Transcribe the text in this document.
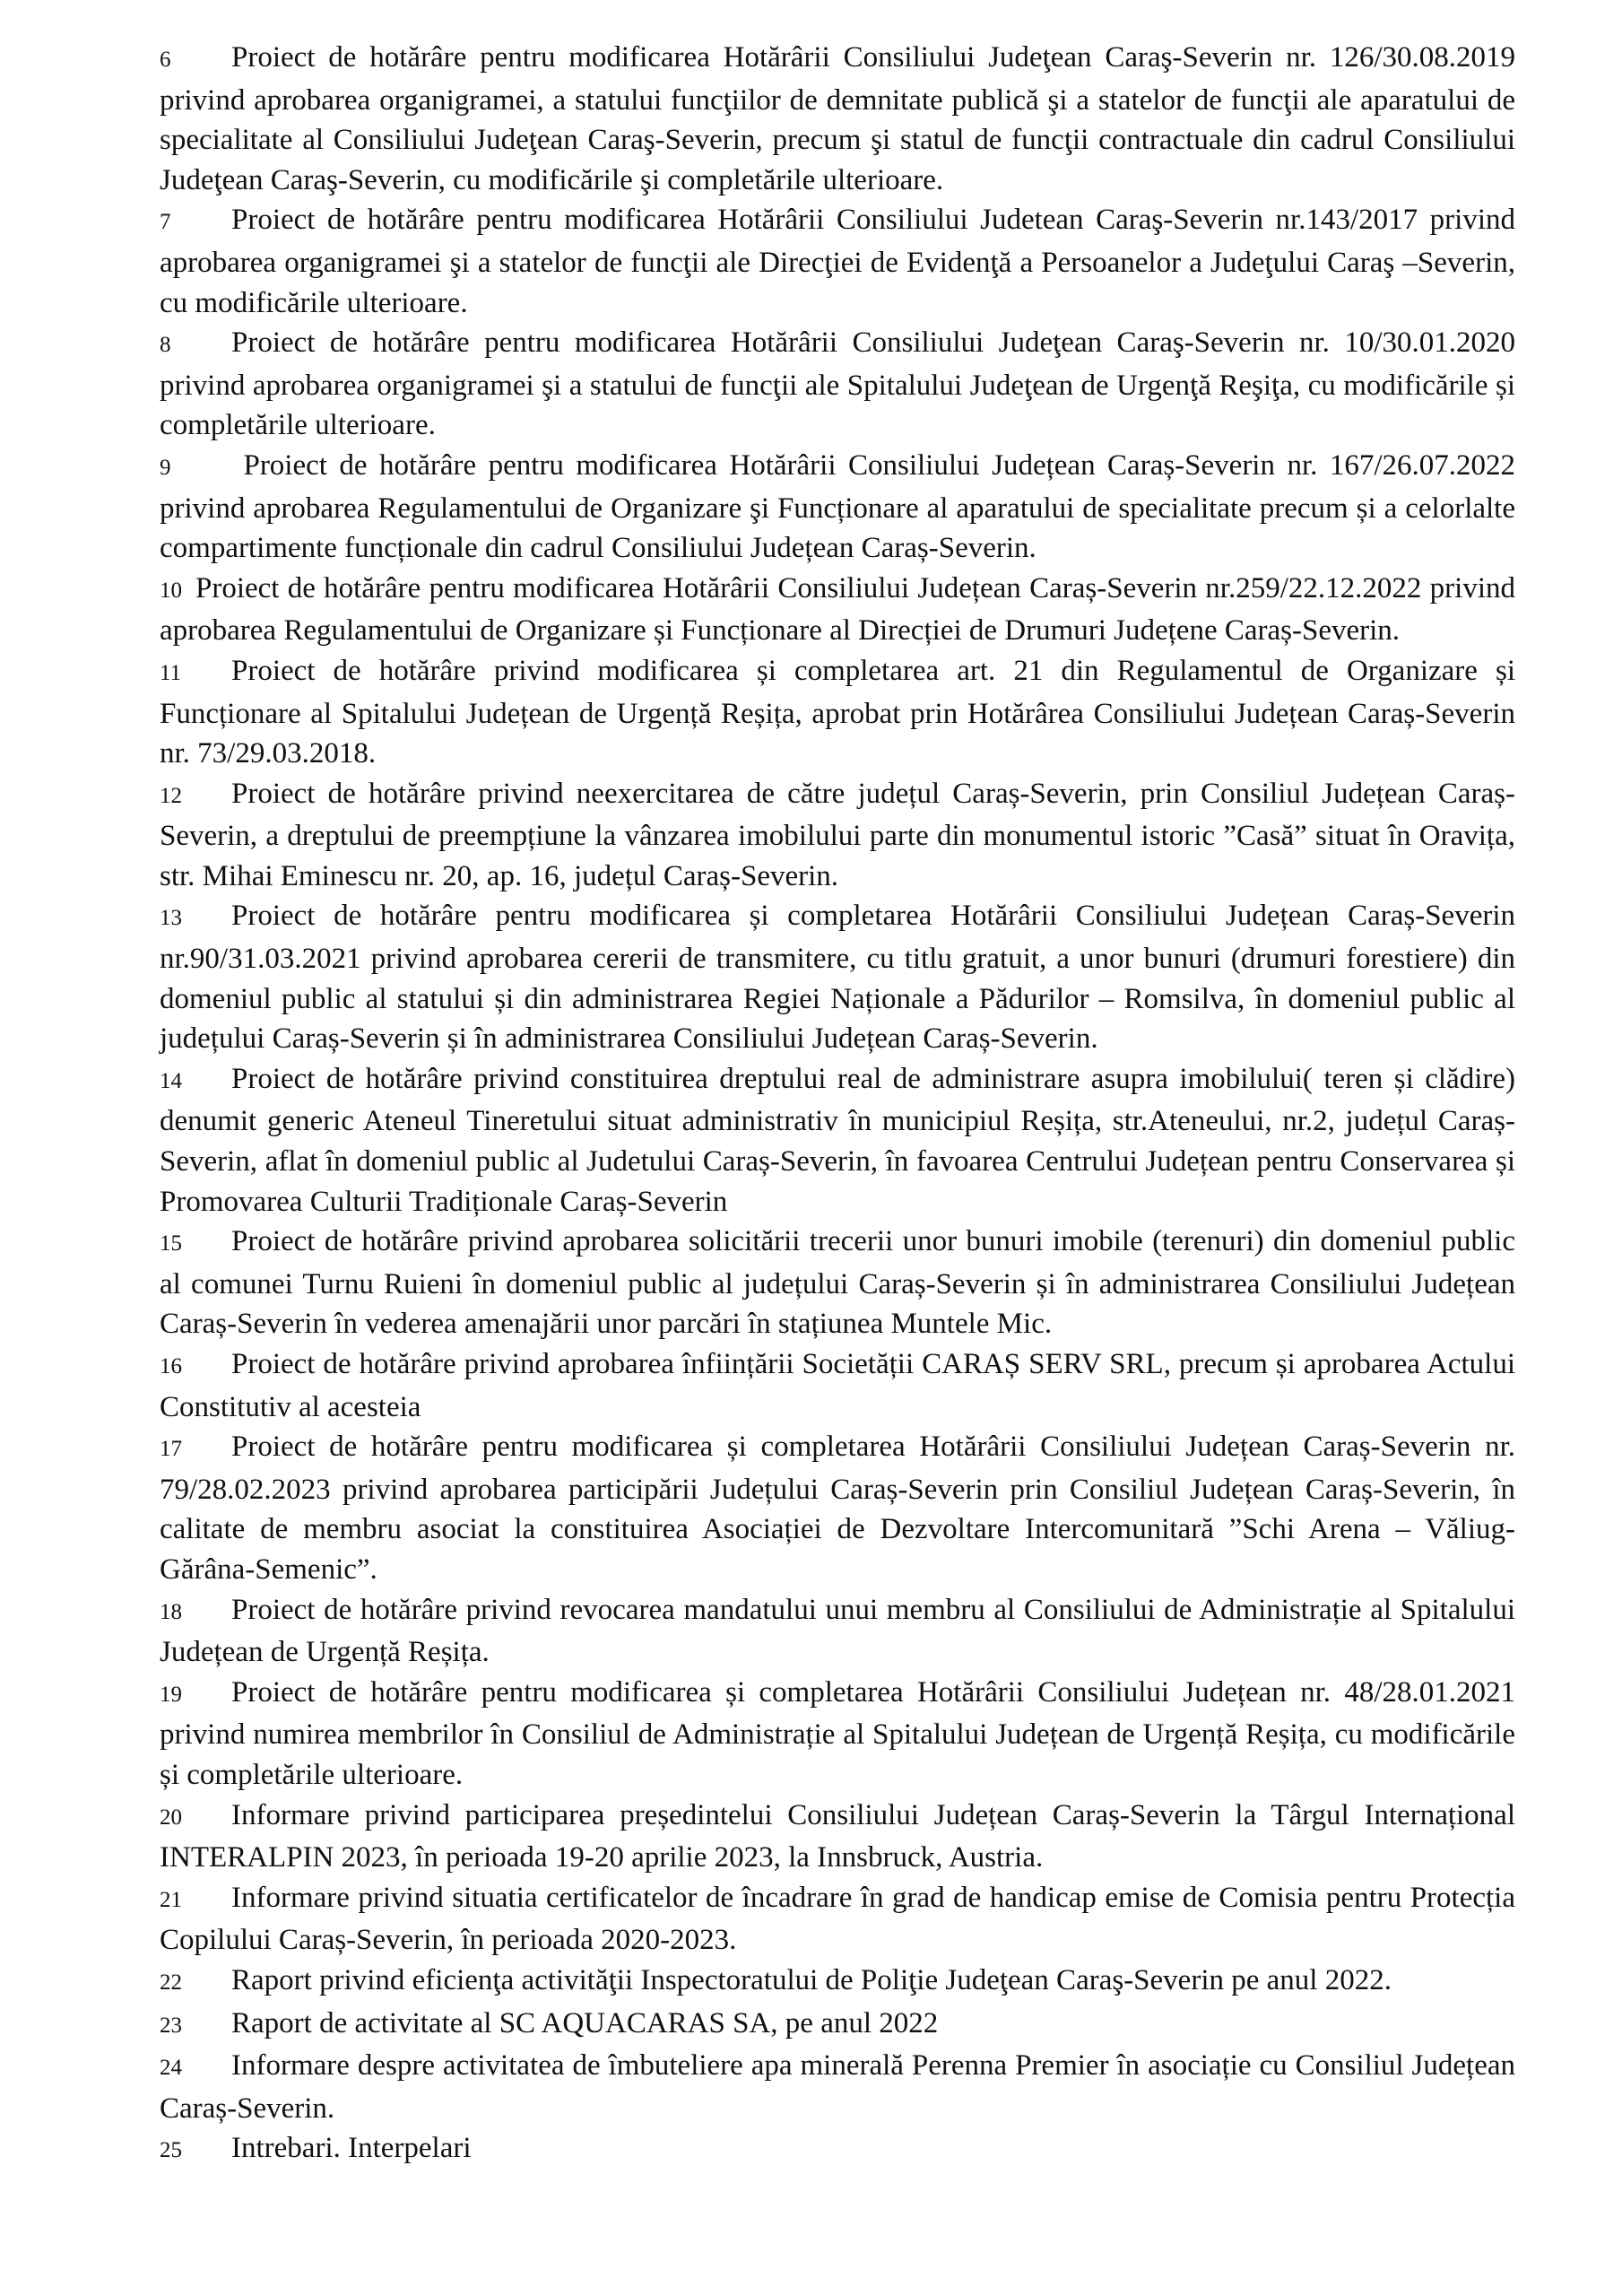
6 Proiect de hotărâre pentru modificarea Hotărârii Consiliului Judeţean Caraş-Severin nr. 126/30.08.2019 privind aprobarea organigramei, a statului funcţiilor de demnitate publică şi a statelor de funcţii ale aparatului de specialitate al Consiliului Judeţean Caraş-Severin, precum şi statul de funcţii contractuale din cadrul Consiliului Judeţean Caraş-Severin, cu modificările şi completările ulterioare.

7 Proiect de hotărâre pentru modificarea Hotărârii Consiliului Judetean Caraş-Severin nr.143/2017 privind aprobarea organigramei şi a statelor de funcţii ale Direcţiei de Evidenţă a Persoanelor a Judeţului Caraş –Severin, cu modificările ulterioare.

8 Proiect de hotărâre pentru modificarea Hotărârii Consiliului Judeţean Caraş-Severin nr. 10/30.01.2020 privind aprobarea organigramei şi a statului de funcţii ale Spitalului Judeţean de Urgenţă Reşiţa, cu modificările și completările ulterioare.

9 Proiect de hotărâre pentru modificarea Hotărârii Consiliului Județean Caraș-Severin nr. 167/26.07.2022 privind aprobarea Regulamentului de Organizare şi Funcționare al aparatului de specialitate precum și a celorlalte compartimente funcționale din cadrul Consiliului Județean Caraș-Severin.

10 Proiect de hotărâre pentru modificarea Hotărârii Consiliului Județean Caraș-Severin nr.259/22.12.2022 privind aprobarea Regulamentului de Organizare și Funcționare al Direcției de Drumuri Județene Caraș-Severin.

11 Proiect de hotărâre privind modificarea și completarea art. 21 din Regulamentul de Organizare și Funcționare al Spitalului Județean de Urgență Reșița, aprobat prin Hotărârea Consiliului Județean Caraș-Severin nr. 73/29.03.2018.

12 Proiect de hotărâre privind neexercitarea de către județul Caraș-Severin, prin Consiliul Județean Caraș-Severin, a dreptului de preempțiune la vânzarea imobilului parte din monumentul istoric ”Casă” situat în Oravița, str. Mihai Eminescu nr. 20, ap. 16, județul Caraș-Severin.

13 Proiect de hotărâre pentru modificarea și completarea Hotărârii Consiliului Județean Caraș-Severin nr.90/31.03.2021 privind aprobarea cererii de transmitere, cu titlu gratuit, a unor bunuri (drumuri forestiere) din domeniul public al statului și din administrarea Regiei Naționale a Pădurilor – Romsilva, în domeniul public al județului Caraș-Severin și în administrarea Consiliului Județean Caraș-Severin.

14 Proiect de hotărâre privind constituirea dreptului real de administrare asupra imobilului( teren și clădire) denumit generic Ateneul Tineretului situat administrativ în municipiul Reșița, str.Ateneului, nr.2, județul Caraș-Severin, aflat în domeniul public al Judetului Caraș-Severin, în favoarea Centrului Județean pentru Conservarea și Promovarea Culturii Tradiționale Caraș-Severin

15 Proiect de hotărâre privind aprobarea solicitării trecerii unor bunuri imobile (terenuri) din domeniul public al comunei Turnu Ruieni în domeniul public al județului Caraș-Severin și în administrarea Consiliului Județean Caraș-Severin în vederea amenajării unor parcări în stațiunea Muntele Mic.

16 Proiect de hotărâre privind aprobarea înființării Societății CARAȘ SERV SRL, precum și aprobarea Actului Constitutiv al acesteia

17 Proiect de hotărâre pentru modificarea și completarea Hotărârii Consiliului Județean Caraș-Severin nr. 79/28.02.2023 privind aprobarea participării Județului Caraș-Severin prin Consiliul Județean Caraș-Severin, în calitate de membru asociat la constituirea Asociației de Dezvoltare Intercomunitară ”Schi Arena – Văliug- Gărâna-Semenic”.

18 Proiect de hotărâre privind revocarea mandatului unui membru al Consiliului de Administrație al Spitalului Județean de Urgență Reșița.

19 Proiect de hotărâre pentru modificarea și completarea Hotărârii Consiliului Județean nr. 48/28.01.2021 privind numirea membrilor în Consiliul de Administrație al Spitalului Județean de Urgență Reșița, cu modificările și completările ulterioare.

20 Informare privind participarea președintelui Consiliului Județean Caraș-Severin la Târgul Internațional INTERALPIN 2023, în perioada 19-20 aprilie 2023, la Innsbruck, Austria.

21 Informare privind situatia certificatelor de încadrare în grad de handicap emise de Comisia pentru Protecția Copilului Caraș-Severin, în perioada 2020-2023.

22 Raport privind eficienţa activităţii Inspectoratului de Poliţie Judeţean Caraş-Severin pe anul 2022.

23 Raport de activitate al SC AQUACARAS SA, pe anul 2022

24 Informare despre activitatea de îmbuteliere apa minerală Perenna Premier în asociație cu Consiliul Județean Caraș-Severin.

25 Intrebari. Interpelari
